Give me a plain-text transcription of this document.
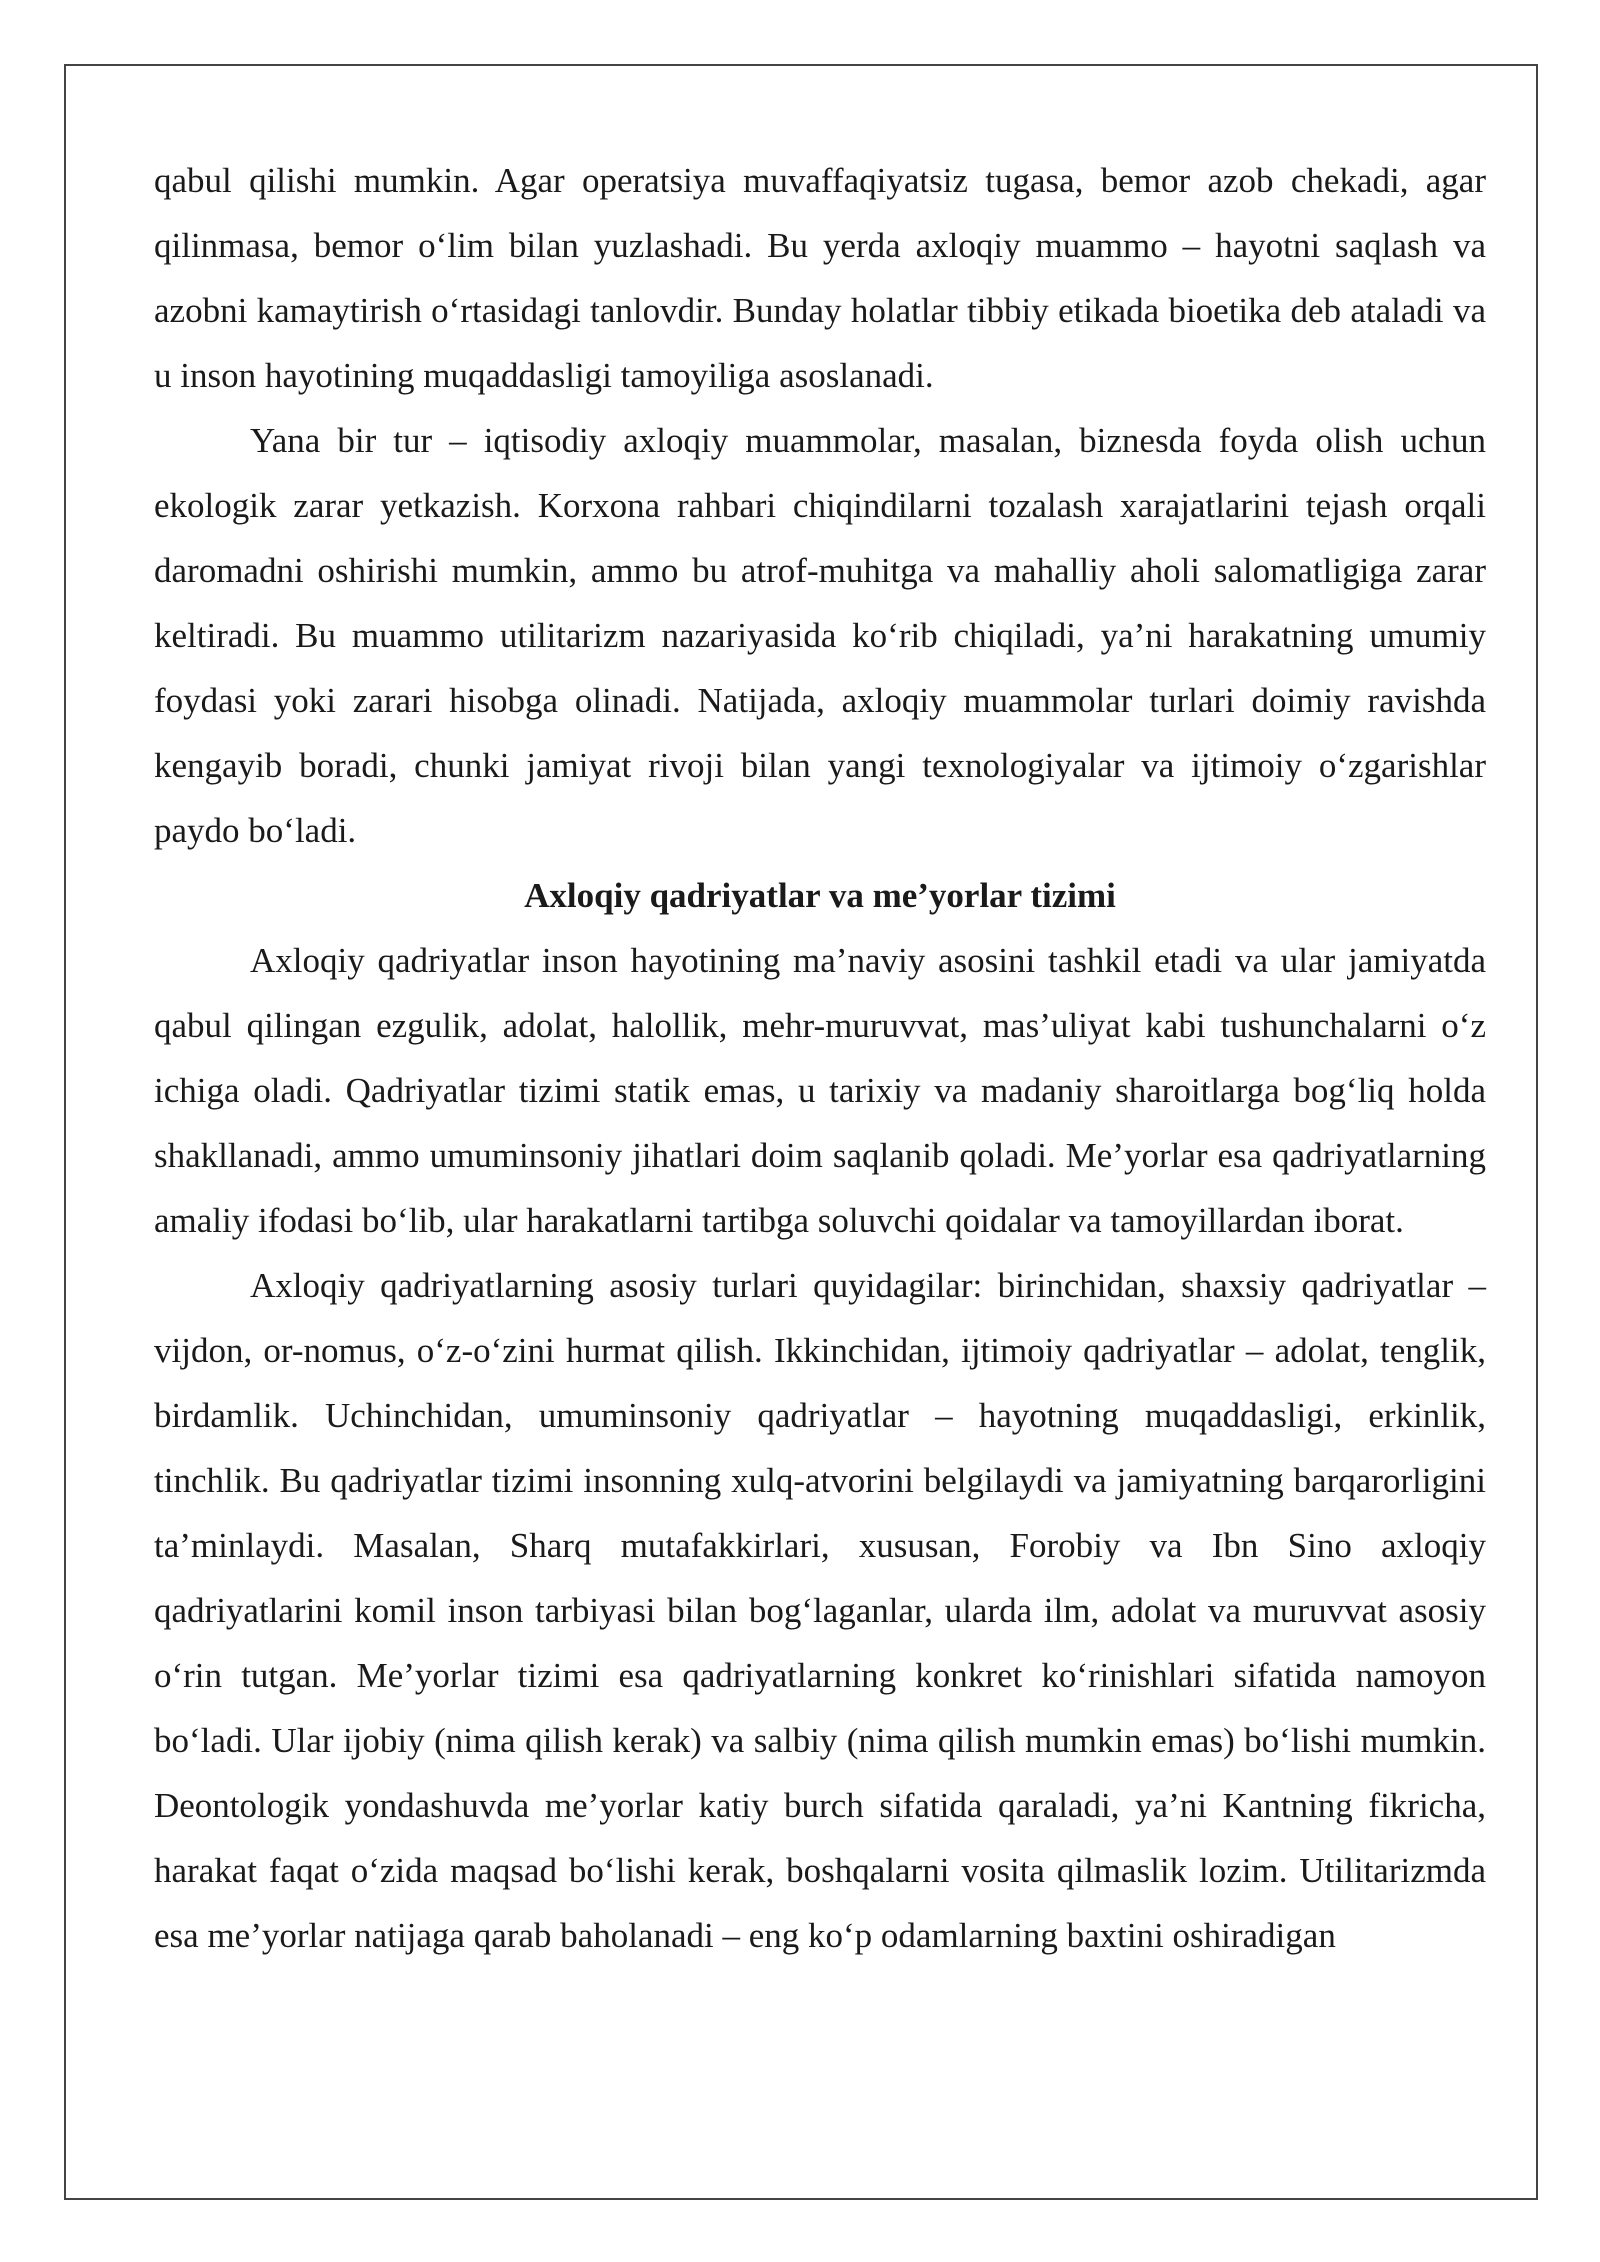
qabul qilishi mumkin. Agar operatsiya muvaffaqiyatsiz tugasa, bemor azob chekadi, agar qilinmasa, bemor o‘lim bilan yuzlashadi. Bu yerda axloqiy muammo – hayotni saqlash va azobni kamaytirish o‘rtasidagi tanlovdir. Bunday holatlar tibbiy etikada bioetika deb ataladi va u inson hayotining muqaddasligi tamoyiliga asoslanadi.

Yana bir tur – iqtisodiy axloqiy muammolar, masalan, biznesda foyda olish uchun ekologik zarar yetkazish. Korxona rahbari chiqindilarni tozalash xarajatlarini tejash orqali daromadni oshirishi mumkin, ammo bu atrof-muhitga va mahalliy aholi salomatligiga zarar keltiradi. Bu muammo utilitarizm nazariyasida ko‘rib chiqiladi, ya’ni harakatning umumiy foydasi yoki zarari hisobga olinadi. Natijada, axloqiy muammolar turlari doimiy ravishda kengayib boradi, chunki jamiyat rivoji bilan yangi texnologiyalar va ijtimoiy o‘zgarishlar paydo bo‘ladi.

Axloqiy qadriyatlar va me’yorlar tizimi

Axloqiy qadriyatlar inson hayotining ma’naviy asosini tashkil etadi va ular jamiyatda qabul qilingan ezgulik, adolat, halollik, mehr-muruvvat, mas’uliyat kabi tushunchalarni o‘z ichiga oladi. Qadriyatlar tizimi statik emas, u tarixiy va madaniy sharoitlarga bog‘liq holda shakllanadi, ammo umuminsoniy jihatlari doim saqlanib qoladi. Me’yorlar esa qadriyatlarning amaliy ifodasi bo‘lib, ular harakatlarni tartibga soluvchi qoidalar va tamoyillardan iborat.

Axloqiy qadriyatlarning asosiy turlari quyidagilar: birinchidan, shaxsiy qadriyatlar – vijdon, or-nomus, o‘z-o‘zini hurmat qilish. Ikkinchidan, ijtimoiy qadriyatlar – adolat, tenglik, birdamlik. Uchinchidan, umuminsoniy qadriyatlar – hayotning muqaddasligi, erkinlik, tinchlik. Bu qadriyatlar tizimi insonning xulq-atvorini belgilaydi va jamiyatning barqarorligini ta’minlaydi. Masalan, Sharq mutafakkirlari, xususan, Forobiy va Ibn Sino axloqiy qadriyatlarini komil inson tarbiyasi bilan bog‘laganlar, ularda ilm, adolat va muruvvat asosiy o‘rin tutgan. Me’yorlar tizimi esa qadriyatlarning konkret ko‘rinishlari sifatida namoyon bo‘ladi. Ular ijobiy (nima qilish kerak) va salbiy (nima qilish mumkin emas) bo‘lishi mumkin. Deontologik yondashuvda me’yorlar katiy burch sifatida qaraladi, ya’ni Kantning fikricha, harakat faqat o‘zida maqsad bo‘lishi kerak, boshqalarni vosita qilmaslik lozim. Utilitarizmda esa me’yorlar natijaga qarab baholanadi – eng ko‘p odamlarning baxtini oshiradigan
